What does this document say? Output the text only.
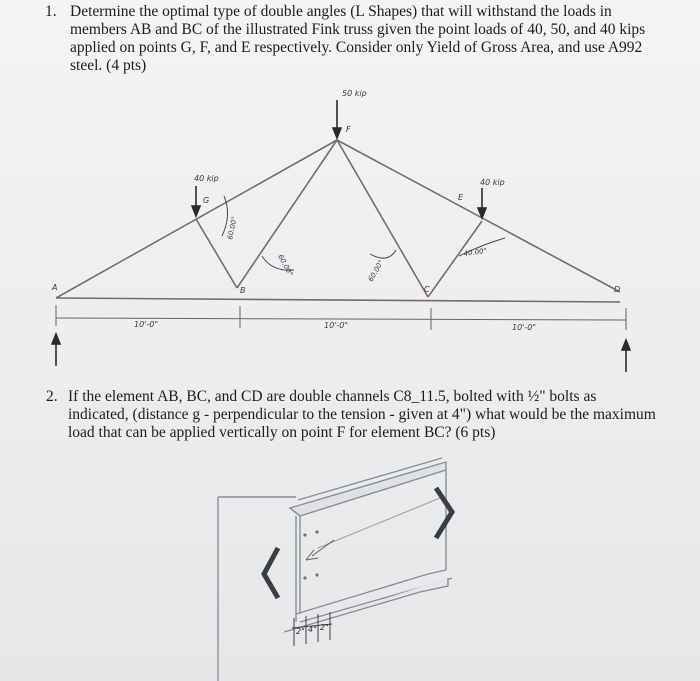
1. Determine the optimal type of double angles (L Shapes) that will withstand the loads in members AB and BC of the illustrated Fink truss given the point loads of 40, 50, and 40 kips applied on points G, F, and E respectively. Consider only Yield of Gross Area, and use A992 steel. (4 pts)
50 kip
40 kip	40 kip
A
G
B
F
C
E
D
60.00°
60.00°	60.00°
40.00°
10'-0"	10'-0"	10'-0"
2. If the element AB, BC, and CD are double channels C8_11.5, bolted with ½" bolts as indicated, (distance g - perpendicular to the tension - given at 4") what would be the maximum load that can be applied vertically on point F for element BC? (6 pts)
2" 4" 2"
